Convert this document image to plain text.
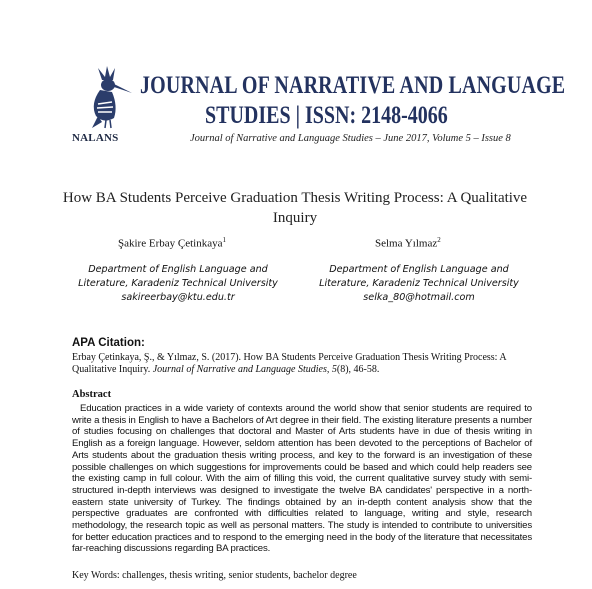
NALANS
JOURNAL OF NARRATIVE AND LANGUAGE
STUDIES | ISSN: 2148-4066
Journal of Narrative and Language Studies – June 2017, Volume 5 – Issue 8
How BA Students Perceive Graduation Thesis Writing Process: A Qualitative Inquiry
Şakire Erbay Çetinkaya$^1$	Selma Yılmaz$^2$
Department of English Language and
Literature, Karadeniz Technical University
sakireerbay@ktu.edu.tr
Department of English Language and
Literature, Karadeniz Technical University
selka_80@hotmail.com
APA Citation:
Erbay Çetinkaya, Ş., & Yılmaz, S. (2017). How BA Students Perceive Graduation Thesis Writing Process: A Qualitative Inquiry. Journal of Narrative and Language Studies, 5(8), 46-58.
Abstract
Education practices in a wide variety of contexts around the world show that senior students are required to write a thesis in English to have a Bachelors of Art degree in their field. The existing literature presents a number of studies focusing on challenges that doctoral and Master of Arts students have in due of thesis writing in English as a foreign language. However, seldom attention has been devoted to the perceptions of Bachelor of Arts students about the graduation thesis writing process, and key to the forward is an investigation of these possible challenges on which suggestions for improvements could be based and which could help readers see the existing camp in full colour. With the aim of filling this void, the current qualitative survey study with semi-structured in-depth interviews was designed to investigate the twelve BA candidates' perspective in a north-eastern state university of Turkey. The findings obtained by an in-depth content analysis show that the perspective graduates are confronted with difficulties related to language, writing and style, research methodology, the research topic as well as personal matters. The study is intended to contribute to universities for better education practices and to respond to the emerging need in the body of the literature that necessitates far-reaching discussions regarding BA practices.
Key Words: challenges, thesis writing, senior students, bachelor degree
